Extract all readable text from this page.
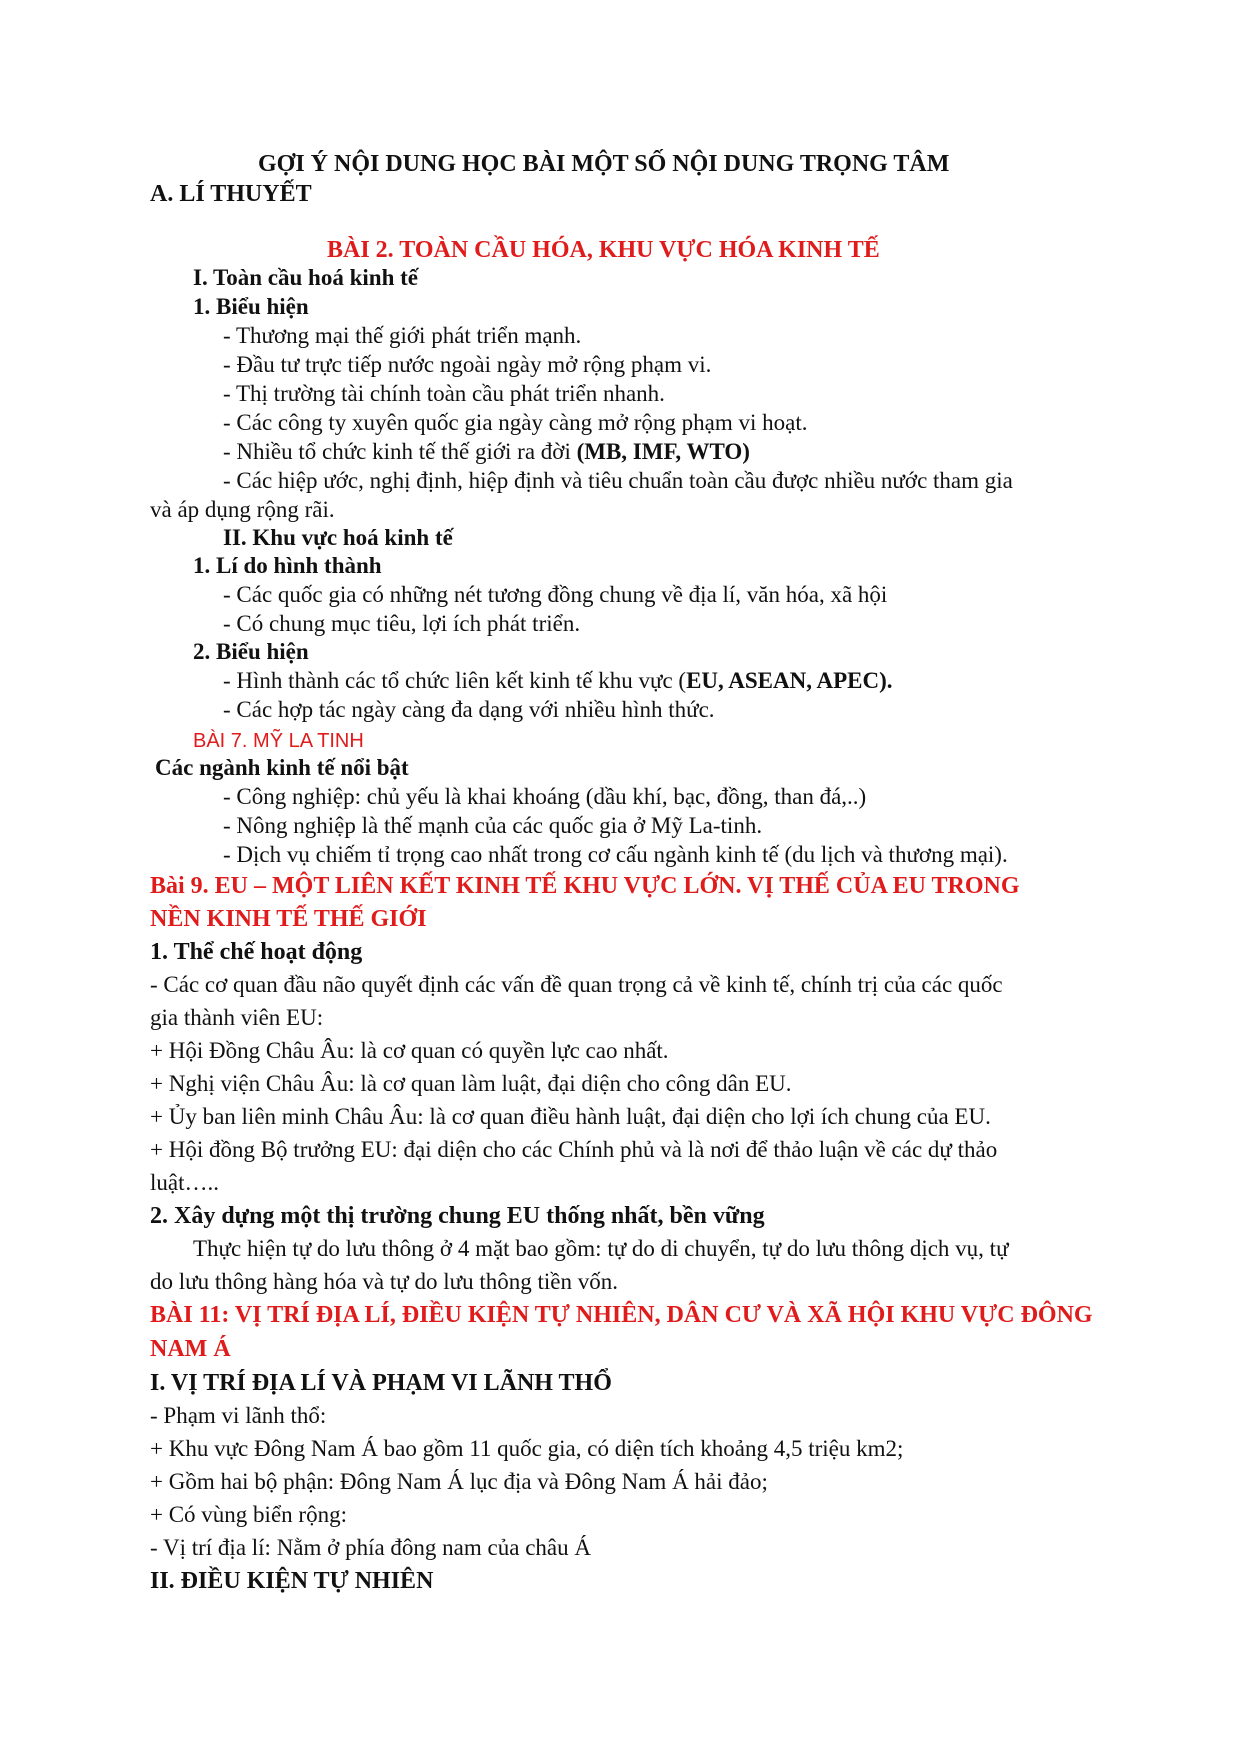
GỢI Ý NỘI DUNG HỌC BÀI MỘT SỐ NỘI DUNG TRỌNG TÂM
A. LÍ THUYẾT
BÀI 2. TOÀN CẦU HÓA, KHU VỰC HÓA KINH TẾ
I. Toàn cầu hoá kinh tế
1. Biểu hiện
- Thương mại thế giới phát triển mạnh.
- Đầu tư trực tiếp nước ngoài ngày mở rộng phạm vi.
- Thị trường tài chính toàn cầu phát triển nhanh.
- Các công ty xuyên quốc gia ngày càng mở rộng phạm vi hoạt.
- Nhiều tổ chức kinh tế thế giới ra đời (MB, IMF, WTO)
- Các hiệp ước, nghị định, hiệp định và tiêu chuẩn toàn cầu được nhiều nước tham gia
và áp dụng rộng rãi.
II. Khu vực hoá kinh tế
1. Lí do hình thành
- Các quốc gia có những nét tương đồng chung về địa lí, văn hóa, xã hội
- Có chung mục tiêu, lợi ích phát triển.
2. Biểu hiện
- Hình thành các tổ chức liên kết kinh tế khu vực (EU, ASEAN, APEC).
- Các hợp tác ngày càng đa dạng với nhiều hình thức.
BÀI 7. MỸ LA TINH
Các ngành kinh tế nổi bật
- Công nghiệp: chủ yếu là khai khoáng (dầu khí, bạc, đồng, than đá,..)
- Nông nghiệp là thế mạnh của các quốc gia ở Mỹ La-tinh.
- Dịch vụ chiếm tỉ trọng cao nhất trong cơ cấu ngành kinh tế (du lịch và thương mại).
Bài 9. EU – MỘT LIÊN KẾT KINH TẾ KHU VỰC LỚN. VỊ THẾ CỦA EU TRONG
NỀN KINH TẾ THẾ GIỚI
1. Thể chế hoạt động
- Các cơ quan đầu não quyết định các vấn đề quan trọng cả về kinh tế, chính trị của các quốc
gia thành viên EU:
+ Hội Đồng Châu Âu: là cơ quan có quyền lực cao nhất.
+ Nghị viện Châu Âu: là cơ quan làm luật, đại diện cho công dân EU.
+ Ủy ban liên minh Châu Âu: là cơ quan điều hành luật, đại diện cho lợi ích chung của EU.
+ Hội đồng Bộ trưởng EU: đại diện cho các Chính phủ và là nơi để thảo luận về các dự thảo
luật…..
2. Xây dựng một thị trường chung EU thống nhất, bền vững
Thực hiện tự do lưu thông ở 4 mặt bao gồm: tự do di chuyển, tự do lưu thông dịch vụ, tự
do lưu thông hàng hóa và tự do lưu thông tiền vốn.
BÀI 11: VỊ TRÍ ĐỊA LÍ, ĐIỀU KIỆN TỰ NHIÊN, DÂN CƯ VÀ XÃ HỘI KHU VỰC ĐÔNG
NAM Á
I. VỊ TRÍ ĐỊA LÍ VÀ PHẠM VI LÃNH THỔ
- Phạm vi lãnh thổ:
+ Khu vực Đông Nam Á bao gồm 11 quốc gia, có diện tích khoảng 4,5 triệu km2;
+ Gồm hai bộ phận: Đông Nam Á lục địa và Đông Nam Á hải đảo;
+ Có vùng biển rộng:
- Vị trí địa lí: Nằm ở phía đông nam của châu Á
II. ĐIỀU KIỆN TỰ NHIÊN
